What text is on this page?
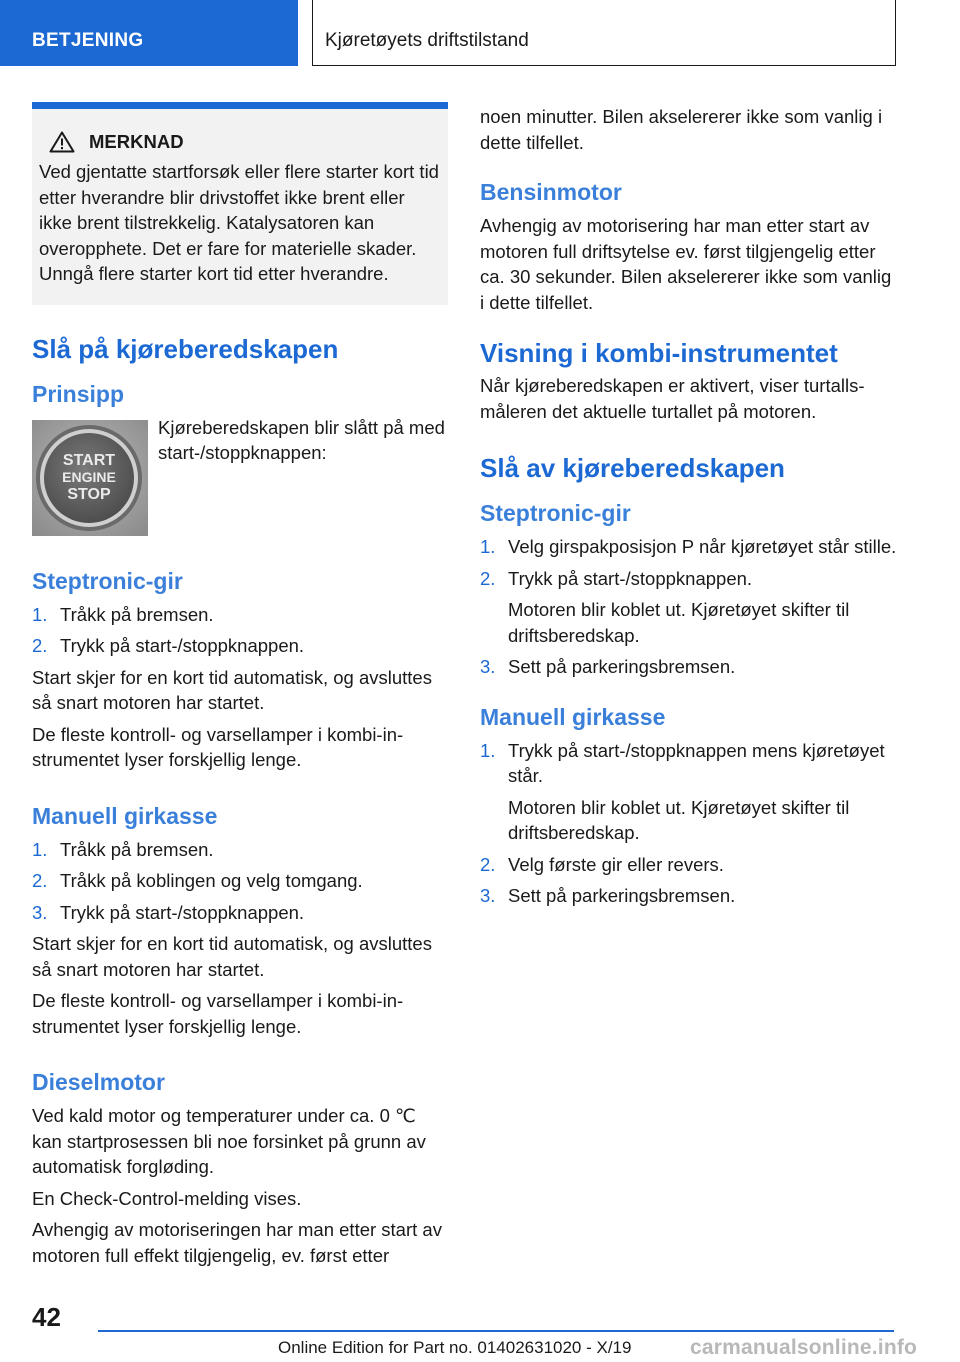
BETJENING	Kjøretøyets driftstilstand
MERKNAD

Ved gjentatte startforsøk eller flere starter kort tid etter hverandre blir drivstoffet ikke brent eller ikke brent tilstrekkelig. Katalysatoren kan overopphete. Det er fare for materielle skader. Unngå flere starter kort tid etter hverandre.

Slå på kjøreberedskapen
Prinsipp
START
ENGINE
STOP

Kjøreberedskapen blir slått på med start-/stoppknappen:

Steptronic-gir
1. Tråkk på bremsen.
2. Trykk på start-/stoppknappen.

Start skjer for en kort tid automatisk, og avsluttes så snart motoren har startet.

De fleste kontroll- og varsellamper i kombi-instrumentet lyser forskjellig lenge.

Manuell girkasse
1. Tråkk på bremsen.
2. Tråkk på koblingen og velg tomgang.
3. Trykk på start-/stoppknappen.

Start skjer for en kort tid automatisk, og avsluttes så snart motoren har startet.

De fleste kontroll- og varsellamper i kombi-instrumentet lyser forskjellig lenge.

Dieselmotor

Ved kald motor og temperaturer under ca. 0 ℃ kan startprosessen bli noe forsinket på grunn av automatisk forgløding.

En Check-Control-melding vises.

Avhengig av motoriseringen har man etter start av motoren full effekt tilgjengelig, ev. først etter

noen minutter. Bilen akselererer ikke som vanlig i dette tilfellet.

Bensinmotor

Avhengig av motorisering har man etter start av motoren full driftsytelse ev. først tilgjengelig etter ca. 30 sekunder. Bilen akselererer ikke som vanlig i dette tilfellet.

Visning i kombi-instrumentet

Når kjøreberedskapen er aktivert, viser turtallsmåleren det aktuelle turtallet på motoren.

Slå av kjøreberedskapen
Steptronic-gir
1. Velg girspakposisjon P når kjøretøyet står stille.
2. Trykk på start-/stoppknappen.
Motoren blir koblet ut. Kjøretøyet skifter til driftsberedskap.
3. Sett på parkeringsbremsen.
Manuell girkasse
1. Trykk på start-/stoppknappen mens kjøretøyet står.
Motoren blir koblet ut. Kjøretøyet skifter til driftsberedskap.
2. Velg første gir eller revers.
3. Sett på parkeringsbremsen.
42
Online Edition for Part no. 01402631020 - X/19	carmanualsonline.info
